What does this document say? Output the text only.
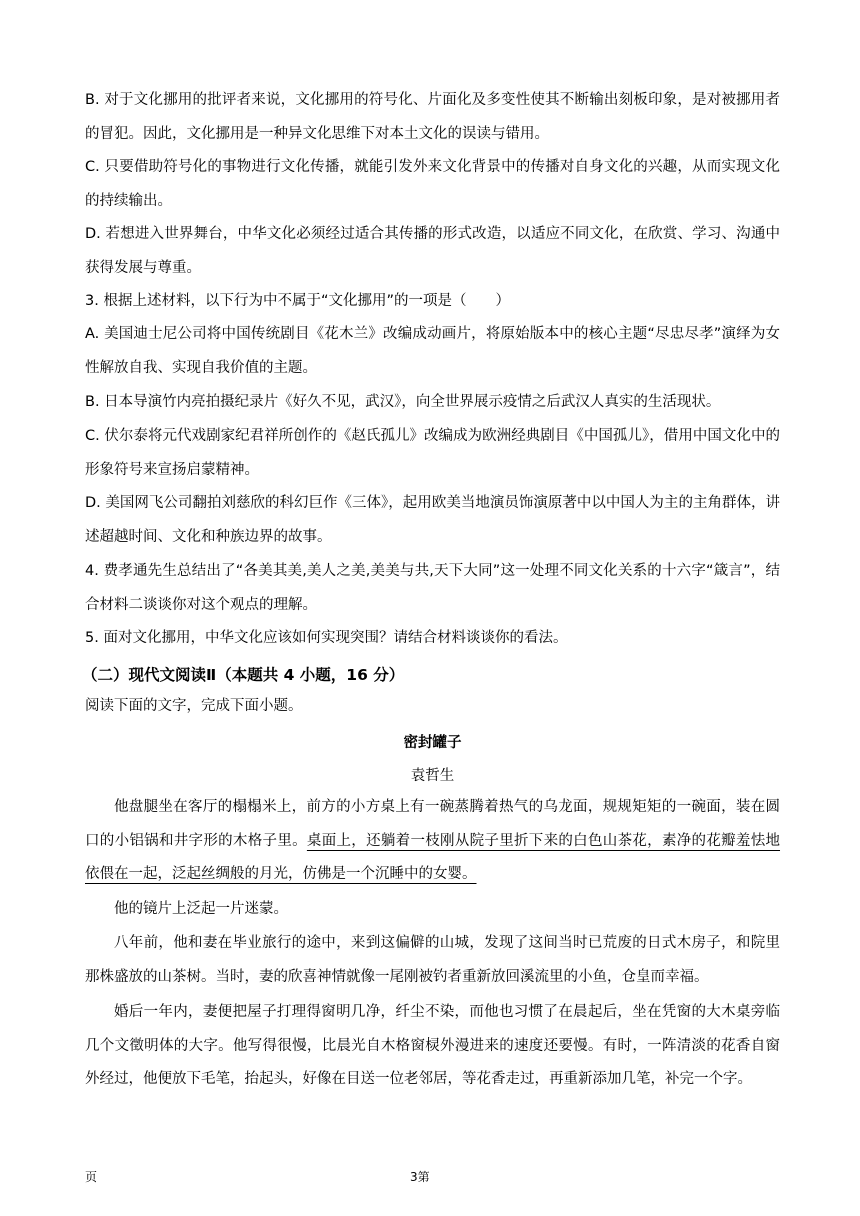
B. 对于文化挪用的批评者来说，文化挪用的符号化、片面化及多变性使其不断输出刻板印象，是对被挪用者的冒犯。因此，文化挪用是一种异文化思维下对本土文化的误读与错用。
C. 只要借助符号化的事物进行文化传播，就能引发外来文化背景中的传播对自身文化的兴趣，从而实现文化的持续输出。
D. 若想进入世界舞台，中华文化必须经过适合其传播的形式改造，以适应不同文化，在欣赏、学习、沟通中获得发展与尊重。
3. 根据上述材料，以下行为中不属于“文化挪用”的一项是（　　）
A. 美国迪士尼公司将中国传统剧目《花木兰》改编成动画片，将原始版本中的核心主题“尽忠尽孝”演绎为女性解放自我、实现自我价值的主题。
B. 日本导演竹内亮拍摄纪录片《好久不见，武汉》，向全世界展示疫情之后武汉人真实的生活现状。
C. 伏尔泰将元代戏剧家纪君祥所创作的《赵氏孤儿》改编成为欧洲经典剧目《中国孤儿》，借用中国文化中的形象符号来宣扬启蒙精神。
D. 美国网飞公司翻拍刘慈欣的科幻巨作《三体》，起用欧美当地演员饰演原著中以中国人为主的主角群体，讲述超越时间、文化和种族边界的故事。
4. 费孝通先生总结出了“各美其美,美人之美,美美与共,天下大同”这一处理不同文化关系的十六字“箴言”，结合材料二谈谈你对这个观点的理解。
5. 面对文化挪用，中华文化应该如何实现突围？请结合材料谈谈你的看法。
（二）现代文阅读Ⅱ（本题共 4 小题，16 分）
阅读下面的文字，完成下面小题。
密封罐子
袁哲生
他盘腿坐在客厅的榻榻米上，前方的小方桌上有一碗蒸腾着热气的乌龙面，规规矩矩的一碗面，装在圆口的小铝锅和井字形的木格子里。桌面上，还躺着一枝刚从院子里折下来的白色山茶花，素净的花瓣羞怯地依偎在一起，泛起丝绸般的月光，仿佛是一个沉睡中的女婴。
他的镜片上泛起一片迷蒙。
八年前，他和妻在毕业旅行的途中，来到这偏僻的山城，发现了这间当时已荒废的日式木房子，和院里那株盛放的山茶树。当时，妻的欣喜神情就像一尾刚被钓者重新放回溪流里的小鱼，仓皇而幸福。
婚后一年内，妻便把屋子打理得窗明几净，纤尘不染，而他也习惯了在晨起后，坐在凭窗的大木桌旁临几个文徵明体的大字。他写得很慢，比晨光自木格窗棂外漫进来的速度还要慢。有时，一阵清淡的花香自窗外经过，他便放下毛笔，抬起头，好像在目送一位老邻居，等花香走过，再重新添加几笔，补完一个字。
页	3第
